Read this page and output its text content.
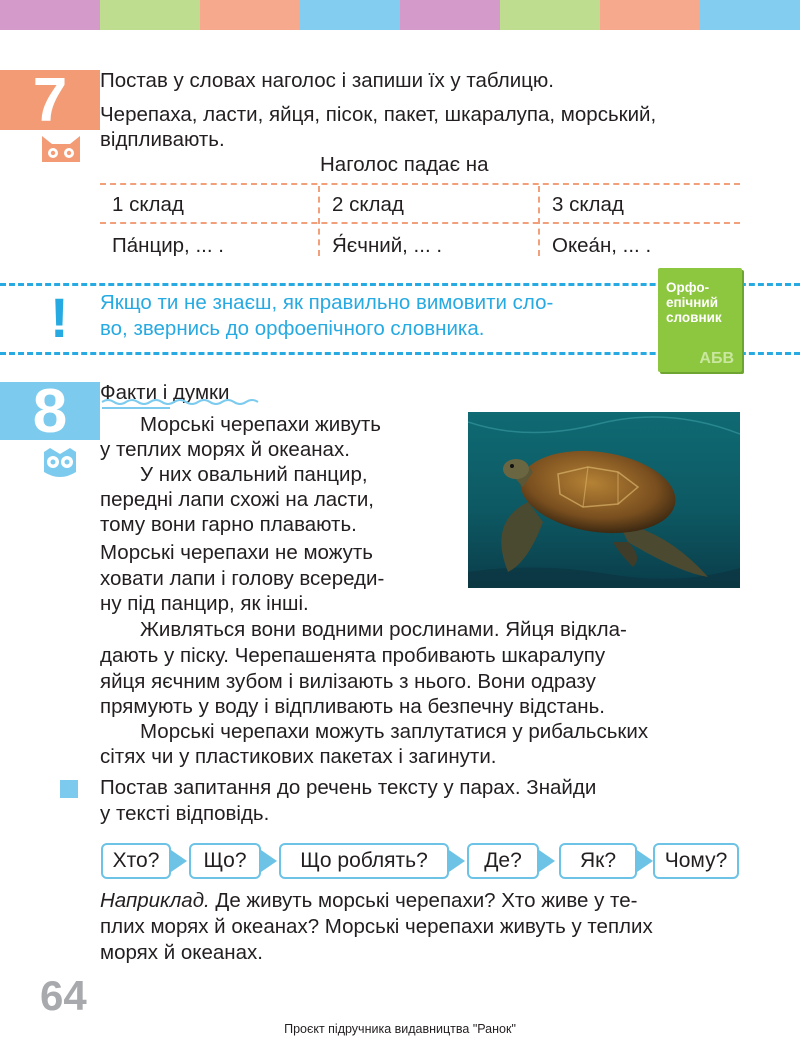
7 Постав у словах наголос і запиши їх у таблицю.

Черепаха, ласти, яйця, пісок, пакет, шкаралупа, морський,

відпливають.

Наголос падає на

1 склад	2 склад	3 склад
Па́нцир, ... .	Я́єчний, ... .	Океа́н, ... .
! Якщо ти не знаєш, як правильно вимовити сло-

во, звернись до орфоепічного словника.

Орфо-
епічний
словник
АБВ
8 Факти і думки

Морські черепахи живуть

у теплих морях й океанах.

У них овальний панцир,

передні лапи схожі на ласти,

тому вони гарно плавають.

Морські черепахи не можуть

ховати лапи і голову всереди-

ну під панцир, як інші.

Живляться вони водними рослинами. Яйця відкла-

дають у піску. Черепашенята пробивають шкаралупу

яйця яєчним зубом і вилізають з нього. Вони одразу

прямують у воду і відпливають на безпечну відстань.

Морські черепахи можуть заплутатися у рибальських

сітях чи у пластикових пакетах і загинути.

Постав запитання до речень тексту у парах. Знайди

у тексті відповідь.

Хто? Що?	Що роблять?	Де?	Як? Чому?

Наприклад. Де живуть морські черепахи? Хто живе у те-

плих морях й океанах? Морські черепахи живуть у теплих

морях й океанах.

64
Проєкт підручника видавництва "Ранок"
